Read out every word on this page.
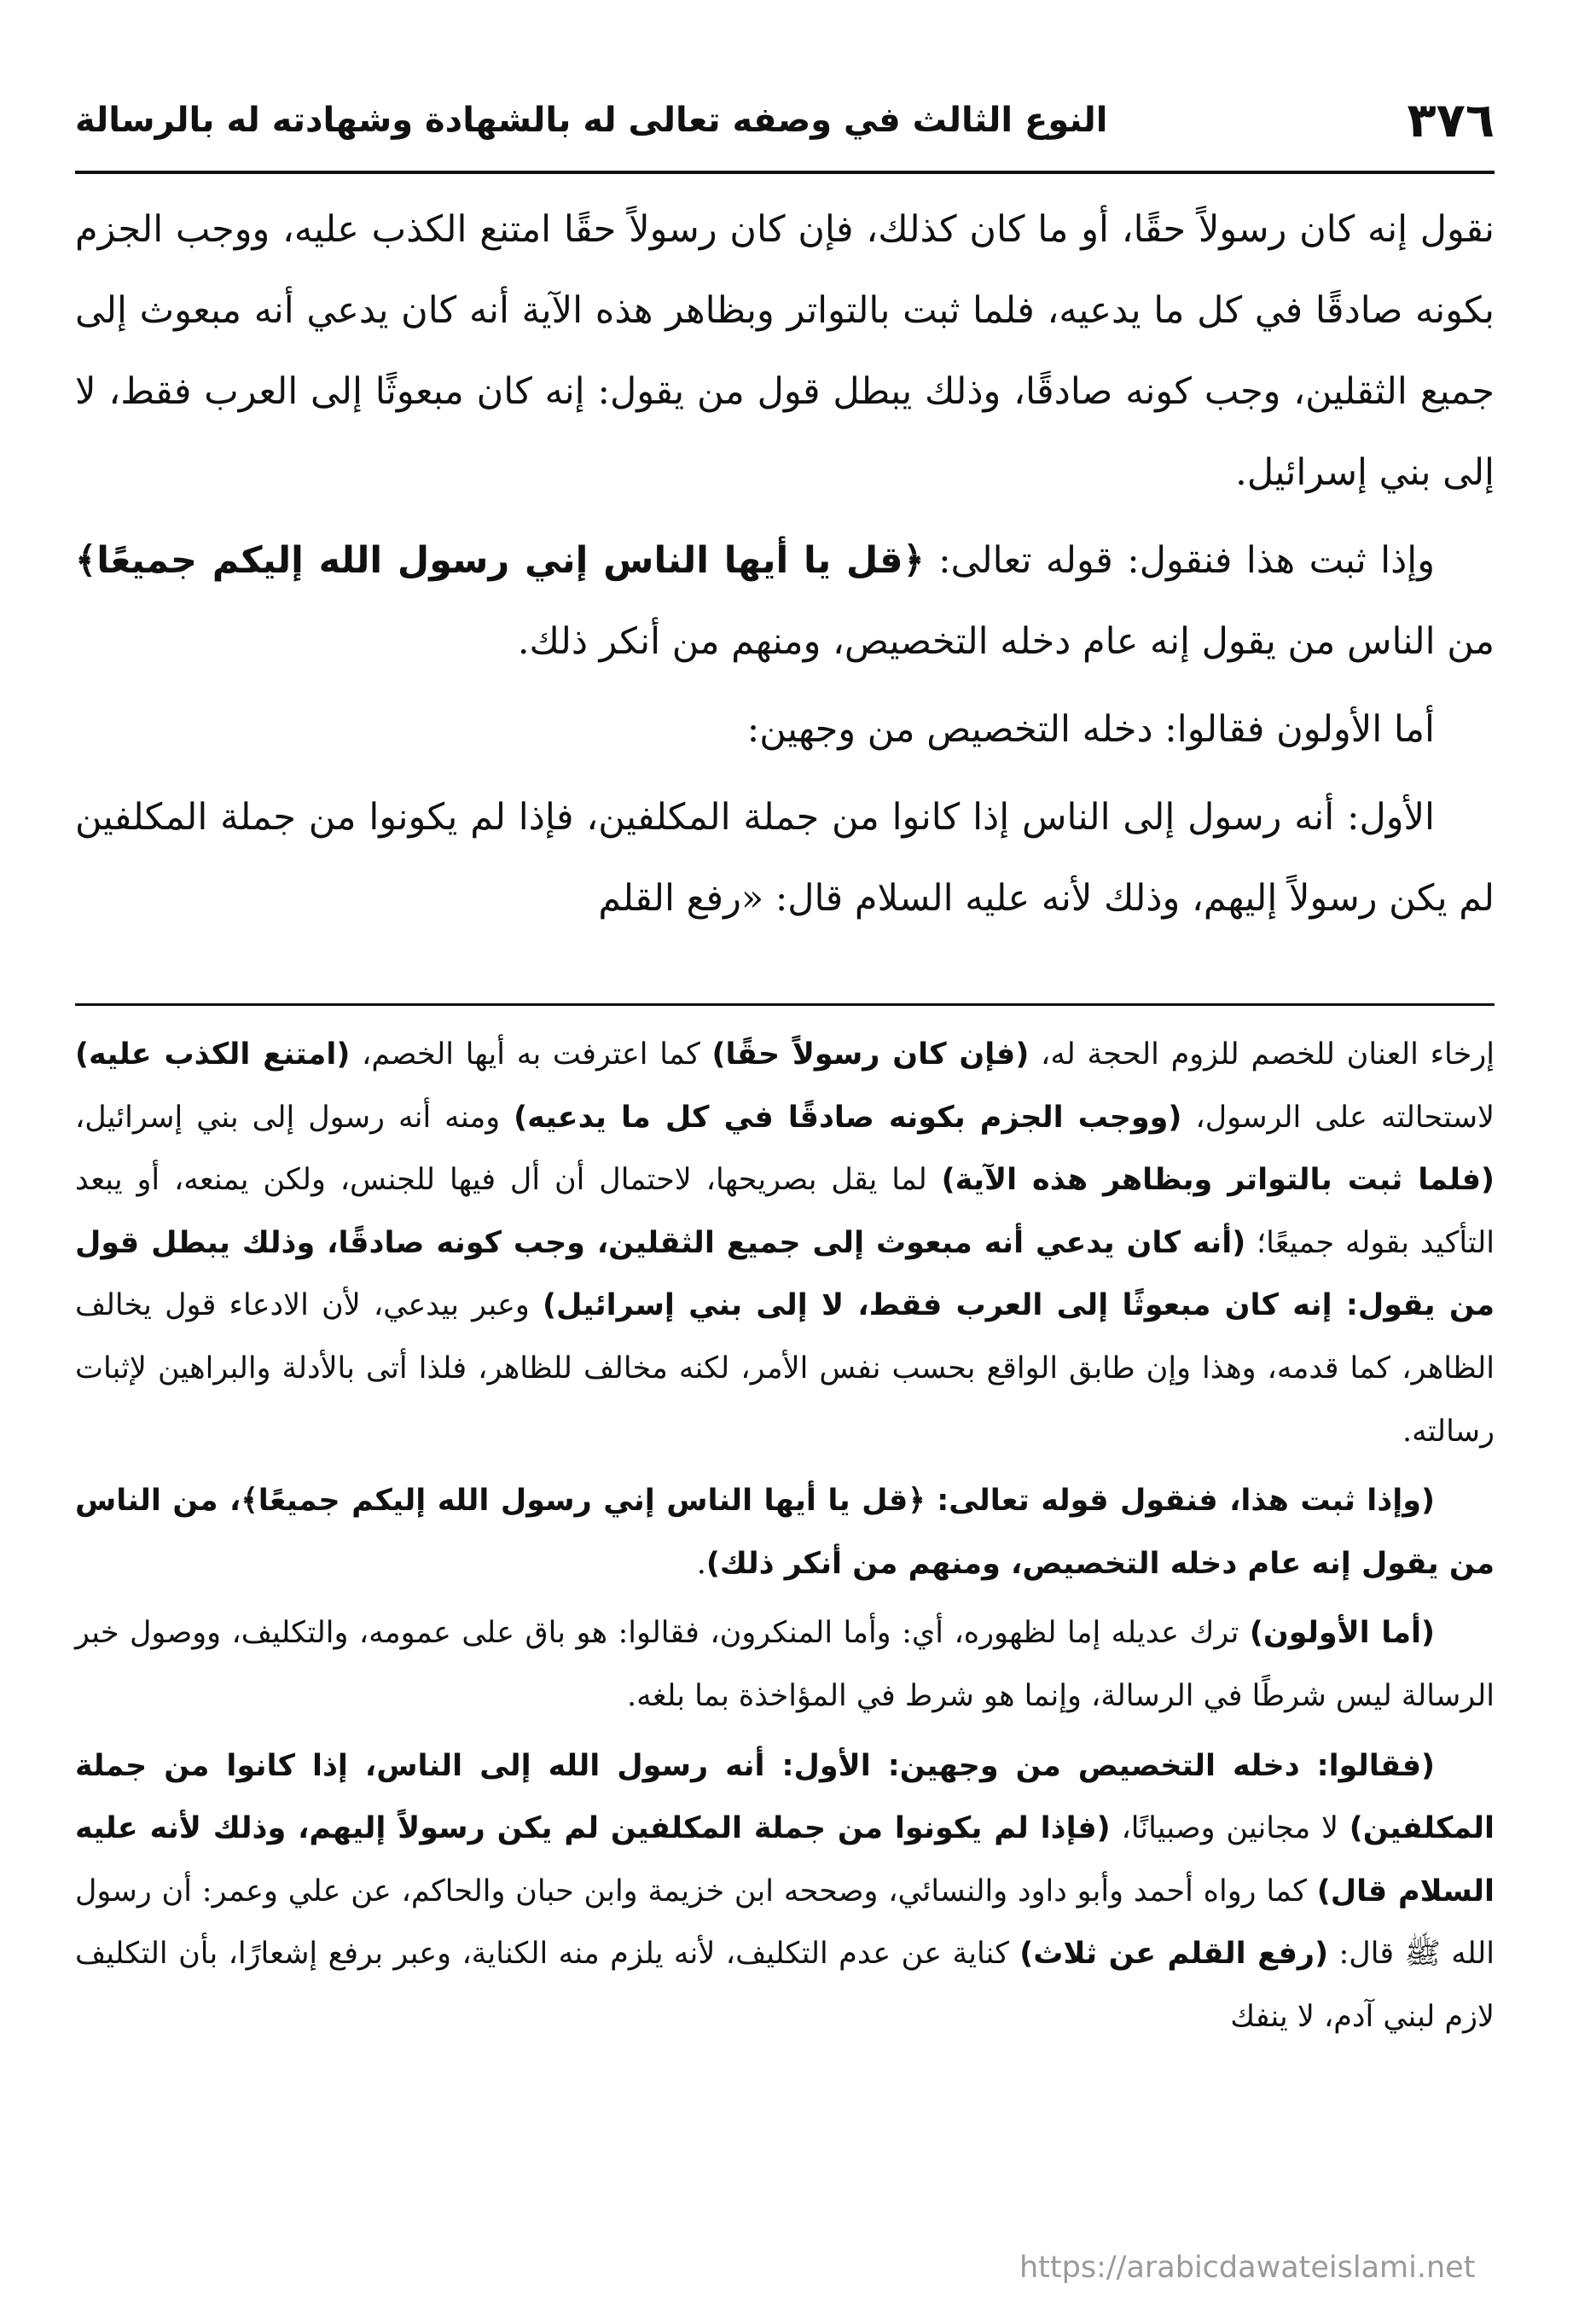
٣٧٦
النوع الثالث في وصفه تعالى له بالشهادة وشهادته له بالرسالة

نقول إنه كان رسولاً حقًا، أو ما كان كذلك، فإن كان رسولاً حقًا امتنع الكذب عليه، ووجب الجزم بكونه صادقًا في كل ما يدعيه، فلما ثبت بالتواتر وبظاهر هذه الآية أنه كان يدعي أنه مبعوث إلى جميع الثقلين، وجب كونه صادقًا، وذلك يبطل قول من يقول: إنه كان مبعوثًا إلى العرب فقط، لا إلى بني إسرائيل.

وإذا ثبت هذا فنقول: قوله تعالى: ﴿قل يا أيها الناس إني رسول الله إليكم جميعًا﴾ من الناس من يقول إنه عام دخله التخصيص، ومنهم من أنكر ذلك.

أما الأولون فقالوا: دخله التخصيص من وجهين:

الأول: أنه رسول إلى الناس إذا كانوا من جملة المكلفين، فإذا لم يكونوا من جملة المكلفين لم يكن رسولاً إليهم، وذلك لأنه عليه السلام قال: «رفع القلم

إرخاء العنان للخصم للزوم الحجة له، (فإن كان رسولاً حقًا) كما اعترفت به أيها الخصم، (امتنع الكذب عليه) لاستحالته على الرسول، (ووجب الجزم بكونه صادقًا في كل ما يدعيه) ومنه أنه رسول إلى بني إسرائيل، (فلما ثبت بالتواتر وبظاهر هذه الآية) لما يقل بصريحها، لاحتمال أن أل فيها للجنس، ولكن يمنعه، أو يبعد التأكيد بقوله جميعًا؛ (أنه كان يدعي أنه مبعوث إلى جميع الثقلين، وجب كونه صادقًا، وذلك يبطل قول من يقول: إنه كان مبعوثًا إلى العرب فقط، لا إلى بني إسرائيل) وعبر بيدعي، لأن الادعاء قول يخالف الظاهر، كما قدمه، وهذا وإن طابق الواقع بحسب نفس الأمر، لكنه مخالف للظاهر، فلذا أتى بالأدلة والبراهين لإثبات رسالته.

(وإذا ثبت هذا، فنقول قوله تعالى: ﴿قل يا أيها الناس إني رسول الله إليكم جميعًا﴾، من الناس من يقول إنه عام دخله التخصيص، ومنهم من أنكر ذلك).

(أما الأولون) ترك عديله إما لظهوره، أي: وأما المنكرون، فقالوا: هو باق على عمومه، والتكليف، ووصول خبر الرسالة ليس شرطًا في الرسالة، وإنما هو شرط في المؤاخذة بما بلغه.

(فقالوا: دخله التخصيص من وجهين: الأول: أنه رسول الله إلى الناس، إذا كانوا من جملة المكلفين) لا مجانين وصبيانًا، (فإذا لم يكونوا من جملة المكلفين لم يكن رسولاً إليهم، وذلك لأنه عليه السلام قال) كما رواه أحمد وأبو داود والنسائي، وصححه ابن خزيمة وابن حبان والحاكم، عن علي وعمر: أن رسول الله ﷺ قال: (رفع القلم عن ثلاث) كناية عن عدم التكليف، لأنه يلزم منه الكناية، وعبر برفع إشعارًا، بأن التكليف لازم لبني آدم، لا ينفك

https://arabicdawateislami.net
